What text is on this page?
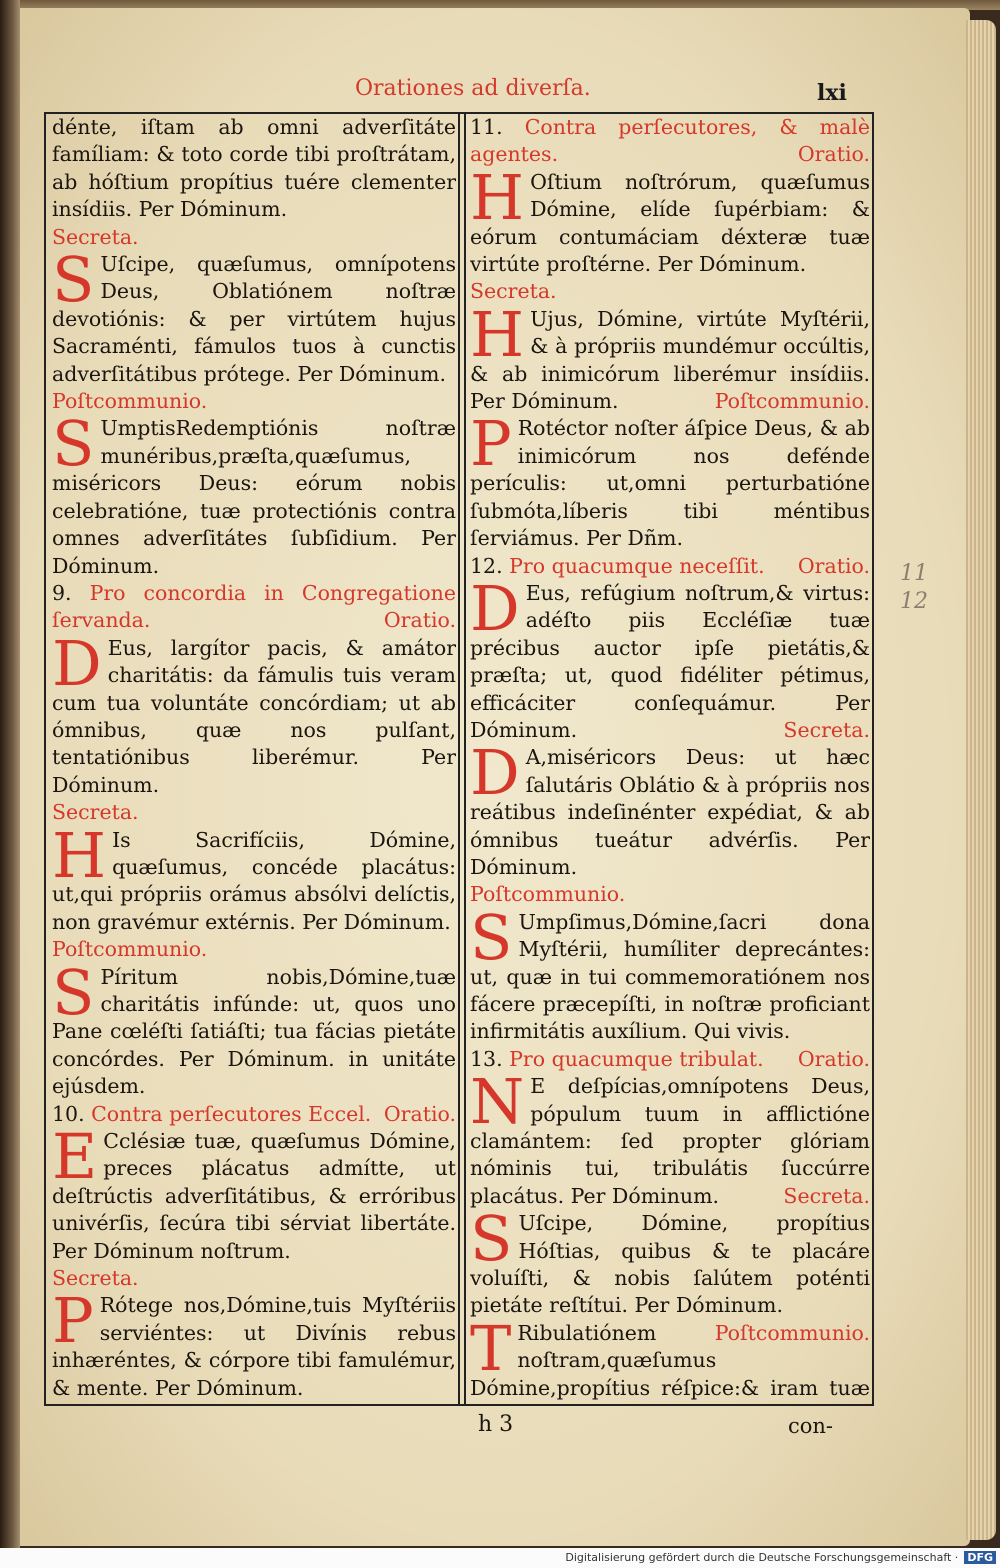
Orationes ad diverſa.	lxi

dénte, iſtam ab omni adverſitáte famíliam: & toto corde tibi proſtrátam, ab hóſtium propítius tuére clementer insídiis. Per Dóminum.

Secreta.

S Uſcipe, quæſumus, omnípotens Deus, Oblatiónem noſtræ devotiónis: & per virtútem hujus Sacraménti, fámulos tuos à cunctis adverſitátibus prótege. Per Dóminum.

Poſtcommunio.

S UmptisRedemptiónis noſtræ munéribus,præſta,quæſumus, miséricors Deus: eórum nobis celebratióne, tuæ protectiónis contra omnes adverſitátes ſubſidium. Per Dóminum.

9. Pro concordia in Congregatione ſervanda.	Oratio.

D Eus, largítor pacis, & amátor charitátis: da fámulis tuis veram cum tua voluntáte concórdiam; ut ab ómnibus, quæ nos pulſant, tentatiónibus liberémur. Per Dóminum.

Secreta.

H Is Sacrifíciis, Dómine, quæſumus, concéde placátus: ut,qui própriis orámus absólvi delíctis, non gravémur extérnis. Per Dóminum.

Poſtcommunio.

S Píritum nobis,Dómine,tuæ charitátis infúnde: ut, quos uno Pane cœléſti ſatiáſti; tua fácias pietáte concórdes. Per Dóminum. in unitáte ejúsdem.

10. Contra perſecutores Eccel. Oratio.

E Cclésiæ tuæ, quæſumus Dómine, preces plácatus admítte, ut deſtrúctis adverſitátibus, & erróribus univérſis, ſecúra tibi sérviat libertáte. Per Dóminum noſtrum.

Secreta.

P Rótege nos,Dómine,tuis Myſtériis serviéntes: ut Divínis rebus inhæréntes, & córpore tibi famulémur, & mente. Per Dóminum.

11. Contra perſecutores, & malè agentes.	Oratio.

H Oſtium noſtrórum, quæſumus Dómine, elíde ſupérbiam: & eórum contumáciam déxteræ tuæ virtúte proſtérne. Per Dóminum.

Secreta.

H Ujus, Dómine, virtúte Myſtérii, & à própriis mundémur occúltis, & ab inimicórum liberémur insídiis. Per Dóminum.	Poſtcommunio.

P Rotéctor noſter áſpice Deus, & ab inimicórum nos defénde perículis: ut,omni perturbatióne ſubmóta,líberis tibi méntibus ſerviámus. Per Dñm.

12. Pro quacumque neceſſit. Oratio.

D Eus, refúgium noſtrum,& virtus: adéſto piis Eccléſiæ tuæ précibus auctor ipſe pietátis,& præſta; ut, quod fidéliter pétimus, efficáciter conſequámur. Per Dóminum.	Secreta.

D A,miséricors Deus: ut hæc ſalutáris Oblátio & à própriis nos reátibus indeſinénter expédiat, & ab ómnibus tueátur advérſis. Per Dóminum.

Poſtcommunio.

S Umpſimus,Dómine,ſacri dona Myſtérii, humíliter deprecántes: ut, quæ in tui commemoratiónem nos fácere præcepíſti, in noſtræ proficiant infirmitátis auxílium. Qui vivis.

13. Pro quacumque tribulat. Oratio.

N E deſpícias,omnípotens Deus, pópulum tuum in afflictióne clamántem: ſed propter glóriam nóminis tui, tribulátis ſuccúrre placátus. Per Dóminum.	Secreta.

S Uſcipe, Dómine, propítius Hóſtias, quibus & te placáre voluíſti, & nobis ſalútem poténti pietáte reſtítui. Per Dóminum.
Poſtcommunio.

T Ribulatiónem noſtram,quæſumus Dómine,propítius réſpice:& iram tuæ

h 3	con-
11
12
Digitalisierung gefördert durch die Deutsche Forschungsgemeinschaft · DFG
